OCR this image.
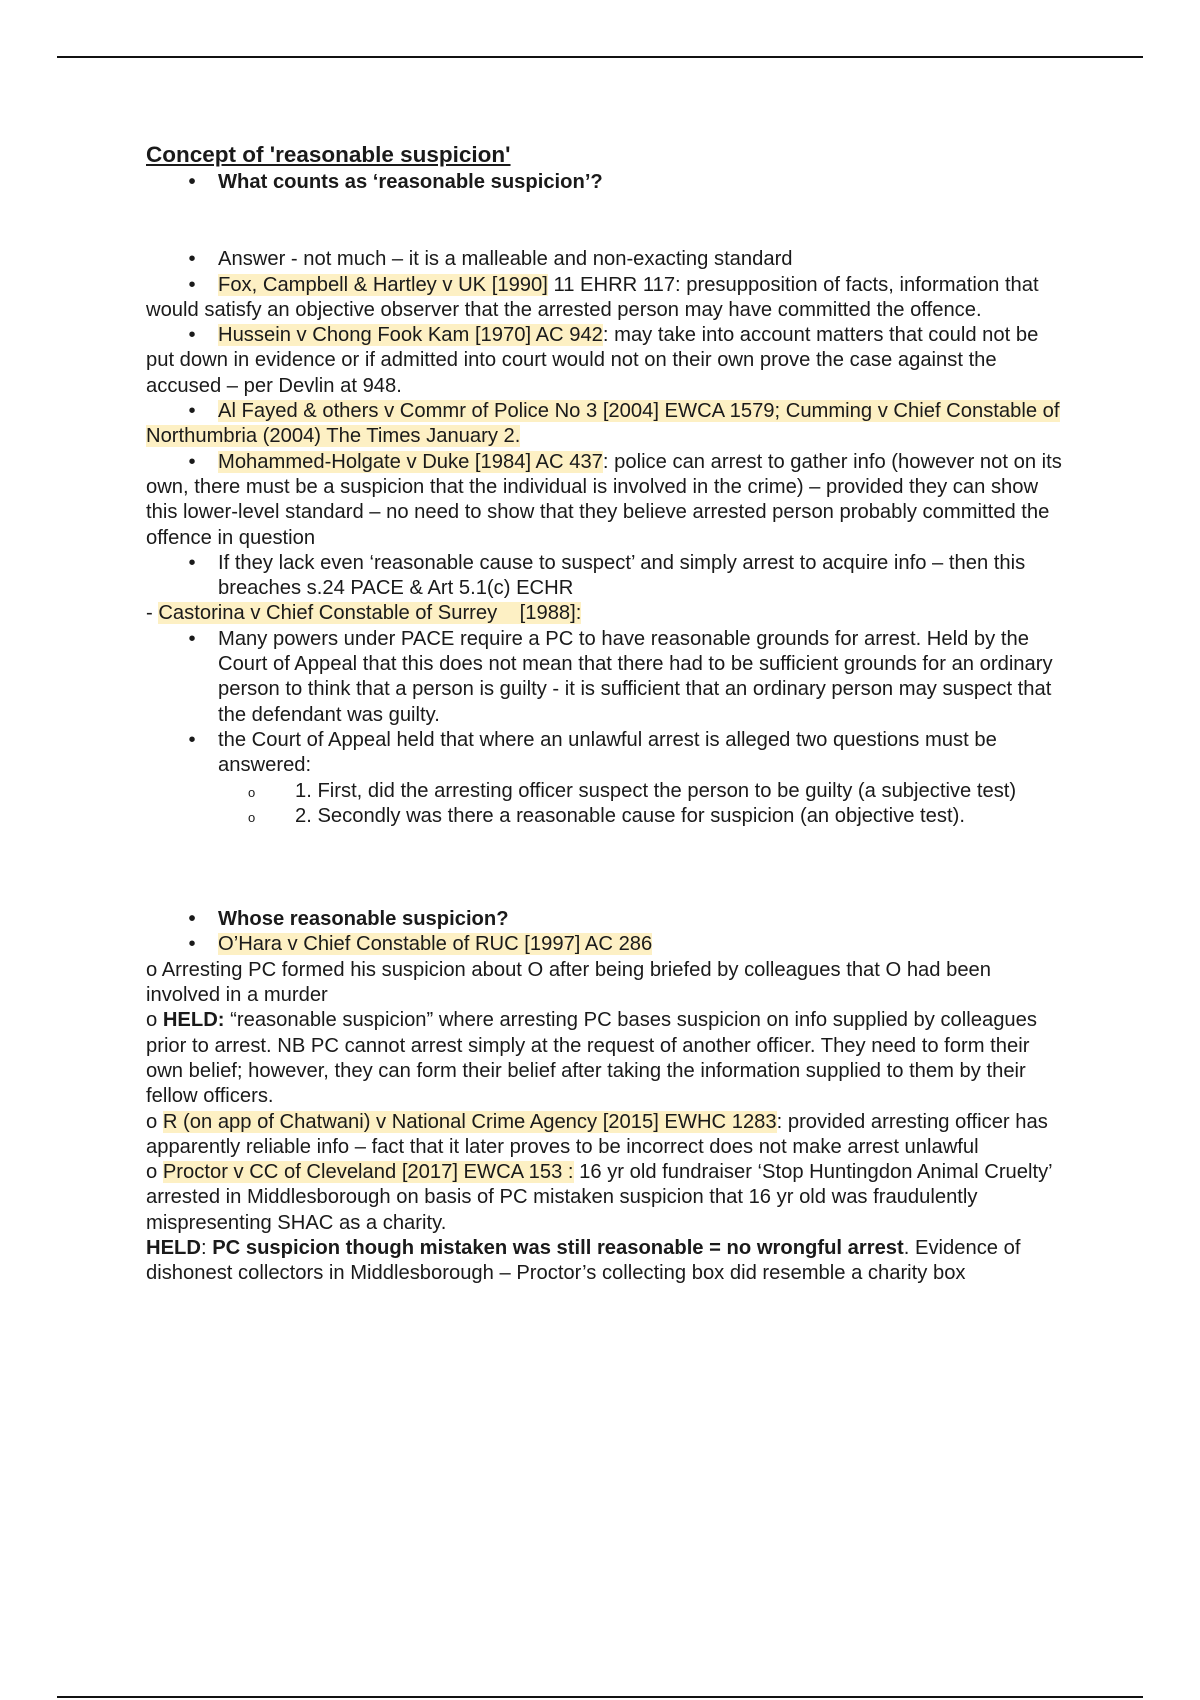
Concept of 'reasonable suspicion'

•	What counts as ‘reasonable suspicion’?

•	Answer - not much – it is a malleable and non-exacting standard

•	Fox, Campbell & Hartley v UK [1990] 11 EHRR 117: presupposition of facts, information that would satisfy an objective observer that the arrested person may have committed the offence.

•	Hussein v Chong Fook Kam [1970] AC 942: may take into account matters that could not be put down in evidence or if admitted into court would not on their own prove the case against the accused – per Devlin at 948.

•	Al Fayed & others v Commr of Police No 3 [2004] EWCA 1579; Cumming v Chief Constable of Northumbria (2004) The Times January 2.

•	Mohammed-Holgate v Duke [1984] AC 437: police can arrest to gather info (however not on its own, there must be a suspicion that the individual is involved in the crime) – provided they can show this lower-level standard – no need to show that they believe arrested person probably committed the offence in question

•	If they lack even ‘reasonable cause to suspect’ and simply arrest to acquire info – then this breaches s.24 PACE & Art 5.1(c) ECHR

- Castorina v Chief Constable of Surrey    [1988]:

•	Many powers under PACE require a PC to have reasonable grounds for arrest. Held by the Court of Appeal that this does not mean that there had to be sufficient grounds for an ordinary person to think that a person is guilty - it is sufficient that an ordinary person may suspect that the defendant was guilty.

•	the Court of Appeal held that where an unlawful arrest is alleged two questions must be answered:

o 1. First, did the arresting officer suspect the person to be guilty (a subjective test)

o 2. Secondly was there a reasonable cause for suspicion (an objective test).

•	Whose reasonable suspicion?

•	O’Hara v Chief Constable of RUC [1997] AC 286

o Arresting PC formed his suspicion about O after being briefed by colleagues that O had been involved in a murder

o HELD: “reasonable suspicion” where arresting PC bases suspicion on info supplied by colleagues prior to arrest. NB PC cannot arrest simply at the request of another officer. They need to form their own belief; however, they can form their belief after taking the information supplied to them by their fellow officers.

o R (on app of Chatwani) v National Crime Agency [2015] EWHC 1283: provided arresting officer has apparently reliable info – fact that it later proves to be incorrect does not make arrest unlawful

o Proctor v CC of Cleveland [2017] EWCA 153 : 16 yr old fundraiser ‘Stop Huntingdon Animal Cruelty’ arrested in Middlesborough on basis of PC mistaken suspicion that 16 yr old was fraudulently mispresenting SHAC as a charity.

HELD: PC suspicion though mistaken was still reasonable = no wrongful arrest. Evidence of dishonest collectors in Middlesborough – Proctor’s collecting box did resemble a charity box
